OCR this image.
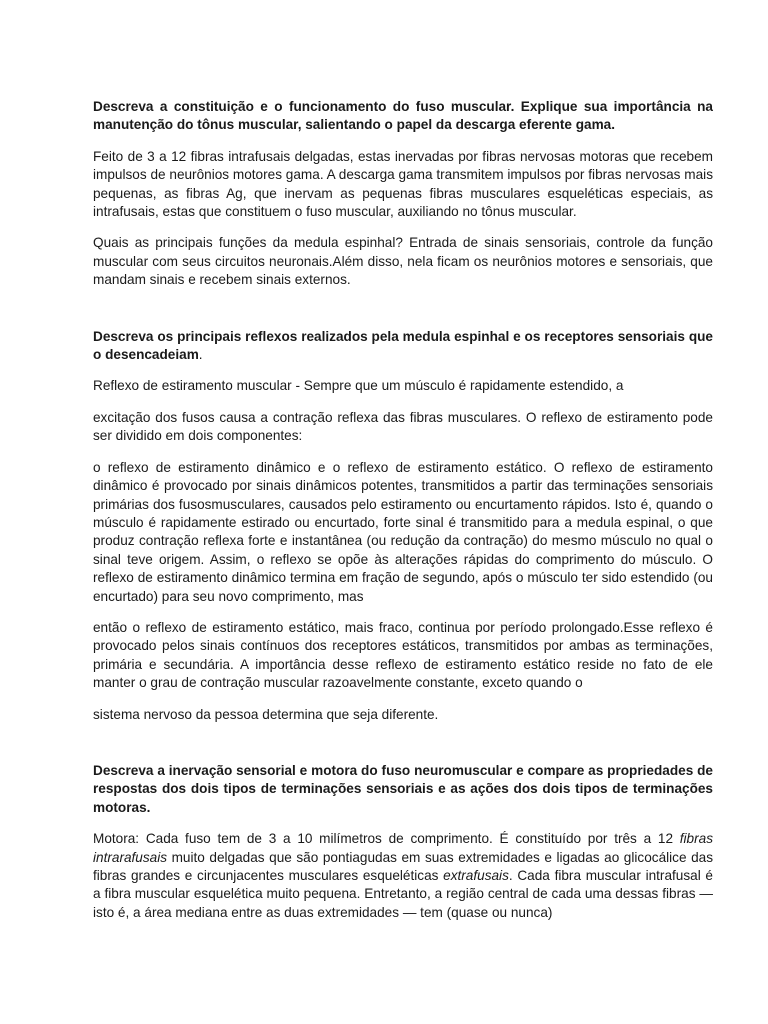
Descreva a constituição e o funcionamento do fuso muscular. Explique sua importância na manutenção do tônus muscular, salientando o papel da descarga eferente gama.

Feito de 3 a 12 fibras intrafusais delgadas, estas inervadas por fibras nervosas motoras que recebem impulsos de neurônios motores gama. A descarga gama transmitem impulsos por fibras nervosas mais pequenas, as fibras Ag, que inervam as pequenas fibras musculares esqueléticas especiais, as intrafusais, estas que constituem o fuso muscular, auxiliando no tônus muscular.

Quais as principais funções da medula espinhal? Entrada de sinais sensoriais, controle da função muscular com seus circuitos neuronais.Além disso, nela ficam os neurônios motores e sensoriais, que mandam sinais e recebem sinais externos.

Descreva os principais reflexos realizados pela medula espinhal e os receptores sensoriais que o desencadeiam.

Reflexo de estiramento muscular - Sempre que um músculo é rapidamente estendido, a

excitação dos fusos causa a contração reflexa das fibras musculares. O reflexo de estiramento pode ser dividido em dois componentes:

o reflexo de estiramento dinâmico e o reflexo de estiramento estático. O reflexo de estiramento dinâmico é provocado por sinais dinâmicos potentes, transmitidos a partir das terminações sensoriais primárias dos fusosmusculares, causados pelo estiramento ou encurtamento rápidos. Isto é, quando o músculo é rapidamente estirado ou encurtado, forte sinal é transmitido para a medula espinal, o que produz contração reflexa forte e instantânea (ou redução da contração) do mesmo músculo no qual o sinal teve origem. Assim, o reflexo se opõe às alterações rápidas do comprimento do músculo. O reflexo de estiramento dinâmico termina em fração de segundo, após o músculo ter sido estendido (ou encurtado) para seu novo comprimento, mas

então o reflexo de estiramento estático, mais fraco, continua por período prolongado.Esse reflexo é provocado pelos sinais contínuos dos receptores estáticos, transmitidos por ambas as terminações, primária e secundária. A importância desse reflexo de estiramento estático reside no fato de ele manter o grau de contração muscular razoavelmente constante, exceto quando o

sistema nervoso da pessoa determina que seja diferente.

Descreva a inervação sensorial e motora do fuso neuromuscular e compare as propriedades de respostas dos dois tipos de terminações sensoriais e as ações dos dois tipos de terminações motoras.

Motora: Cada fuso tem de 3 a 10 milímetros de comprimento. É constituído por três a 12 fibras intrarafusais muito delgadas que são pontiagudas em suas extremidades e ligadas ao glicocálice das fibras grandes e circunjacentes musculares esqueléticas extrafusais. Cada fibra muscular intrafusal é a fibra muscular esquelética muito pequena. Entretanto, a região central de cada uma dessas fibras — isto é, a área mediana entre as duas extremidades — tem (quase ou nunca)
